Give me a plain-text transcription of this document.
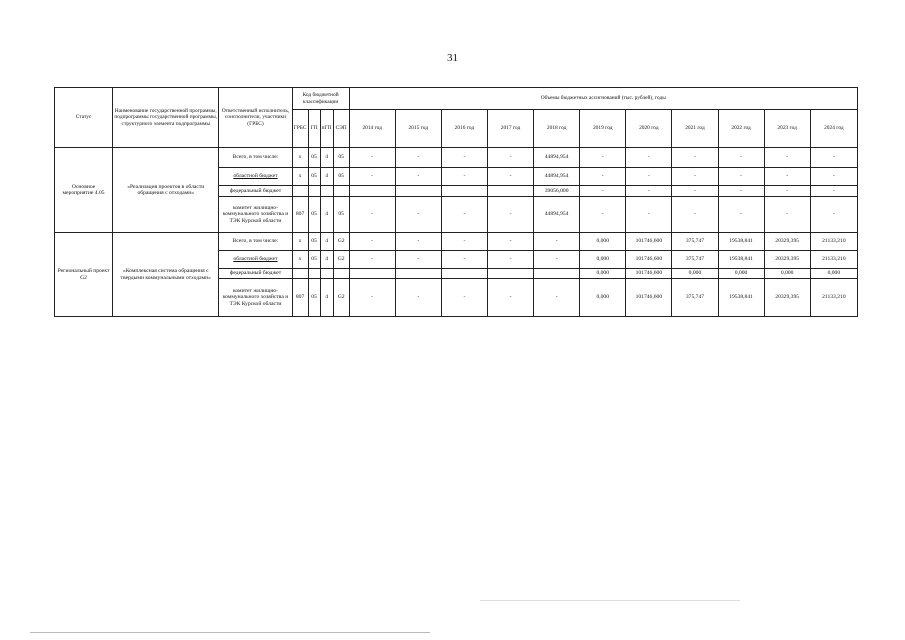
31
Статус	Наименование государственной программы, подпрограммы государственной программы, структурного элемента подпрограммы	Ответственный исполнитель, соисполнители, участники (ГРБС)	Код бюджетной классификации				Объемы бюджетных ассигнований (тыс. рублей), годы										
			ГРБС	ГП	пГП	СЭП	2014 год	2015 год	2016 год	2017 год	2018 год	2019 год	2020 год	2021 год	2022 год	2023 год	2024 год
Основное мероприятие 4.05	«Реализация проектов в области обращения с отходами»	Всего, в том числе:	х	05	4	05	-	-	-	-	44894,954	-	-	-	-	-	-
		областной бюджет	х	05	4	05	-	-	-	-	44894,954	-	-	-	-	-	-
		федеральный бюджет									39056,000	-	-	-	-	-	-
		комитет жилищно-коммунального хозяйства и ТЭК Курской области	807	05	4	05	-	-	-	-	44894,954	-	-	-	-	-	-
Региональный проект G2	«Комплексная система обращения с твердыми коммунальными отходами»	Всего, в том числе:	х	05	4	G2	-	-	-	-	-	0,000	101746,600	375,747	19538,841	20329,395	21133,210
		областной бюджет	х	05	4	G2	-	-	-	-	-	0,000	101746,600	375,747	19538,841	20329,395	21133,210
		федеральный бюджет										0,000	101746,600	0,000	0,000	0,000	0,000
		комитет жилищно-коммунального хозяйства и ТЭК Курской области	807	05	4	G2	-	-	-	-	-	0,000	101746,600	375,747	19538,841	20329,395	21133,210
